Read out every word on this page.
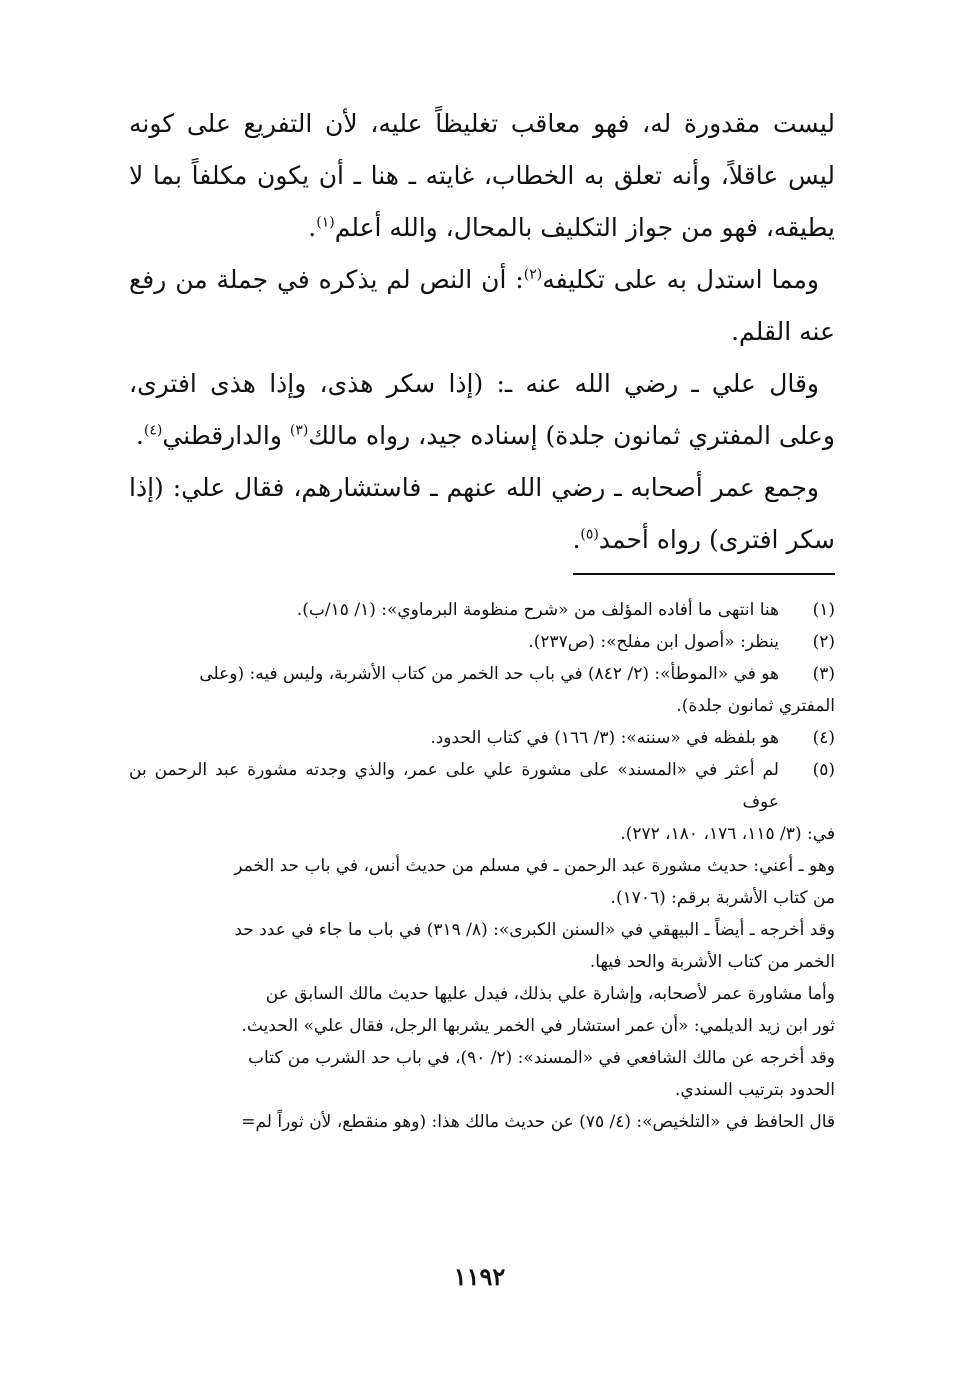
ليست مقدورة له، فهو معاقب تغليظاً عليه، لأن التفريع على كونه ليس عاقلاً، وأنه تعلق به الخطاب، غايته ـ هنا ـ أن يكون مكلفاً بما لا يطيقه، فهو من جواز التكليف بالمحال، والله أعلم$^{(١)}$.

ومما استدل به على تكليفه$^{(٢)}$: أن النص لم يذكره في جملة من رفع عنه القلم.

وقال علي ـ رضي الله عنه ـ: (إذا سكر هذى، وإذا هذى افترى، وعلى المفتري ثمانون جلدة) إسناده جيد، رواه مالك$^{(٣)}$ والدارقطني$^{(٤)}$.

وجمع عمر أصحابه ـ رضي الله عنهم ـ فاستشارهم، فقال علي: (إذا سكر افترى) رواه أحمد$^{(٥)}$.

(١)

هنا انتهى ما أفاده المؤلف من «شرح منظومة البرماوي»: (١/ ١٥/ب).

(٢)

ينظر: «أصول ابن مفلح»: (ص٢٣٧).

(٣)

هو في «الموطأ»: (٢/ ٨٤٢) في باب حد الخمر من كتاب الأشربة، وليس فيه: (وعلى

المفتري ثمانون جلدة).

(٤)

هو بلفظه في «سننه»: (٣/ ١٦٦) في كتاب الحدود.

(٥)

لم أعثر في «المسند» على مشورة علي على عمر، والذي وجدته مشورة عبد الرحمن بن عوف

في: (٣/ ١١٥، ١٧٦، ١٨٠، ٢٧٢).

وهو ـ أعني: حديث مشورة عبد الرحمن ـ في مسلم من حديث أنس، في باب حد الخمر

من كتاب الأشربة برقم: (١٧٠٦).

وقد أخرجه ـ أيضاً ـ البيهقي في «السنن الكبرى»: (٨/ ٣١٩) في باب ما جاء في عدد حد

الخمر من كتاب الأشربة والحد فيها.

وأما مشاورة عمر لأصحابه، وإشارة علي بذلك، فيدل عليها حديث مالك السابق عن

ثور ابن زيد الديلمي: «أن عمر استشار في الخمر يشربها الرجل، فقال علي» الحديث.

وقد أخرجه عن مالك الشافعي في «المسند»: (٢/ ٩٠)، في باب حد الشرب من كتاب

الحدود بترتيب السندي.

قال الحافظ في «التلخيص»: (٤/ ٧٥) عن حديث مالك هذا: (وهو منقطع، لأن ثوراً لم=

١١٩٢
